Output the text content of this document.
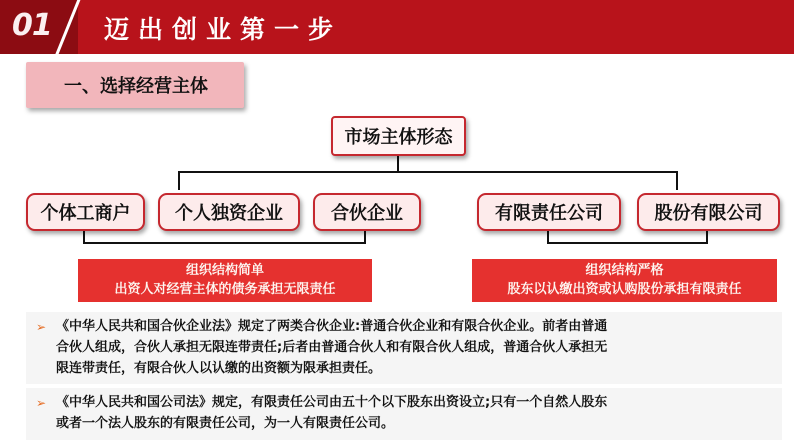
01 迈出创业第一步
一、选择经营主体
市场主体形态
个体工商户	个人独资企业	合伙企业	有限责任公司	股份有限公司
组织结构简单
出资人对经营主体的债务承担无限责任
组织结构严格
股东以认缴出资或认购股份承担有限责任
➢ 《中华人民共和国合伙企业法》规定了两类合伙企业:普通合伙企业和有限合伙企业。前者由普通
合伙人组成，合伙人承担无限连带责任;后者由普通合伙人和有限合伙人组成，普通合伙人承担无
限连带责任，有限合伙人以认缴的出资额为限承担责任。
➢ 《中华人民共和国公司法》规定，有限责任公司由五十个以下股东出资设立;只有一个自然人股东
或者一个法人股东的有限责任公司，为一人有限责任公司。
